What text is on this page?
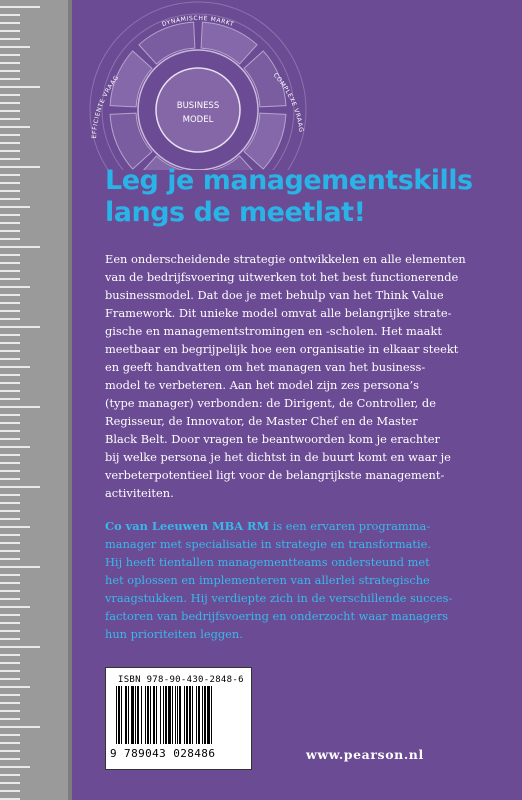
BUSINESS
MODEL
DYNAMISCHE MARKT
COMPLEXE VRAAG
EFFICIENTE VRAAG
Leg je managementskills
langs de meetlat!
Een onderscheidende strategie ontwikkelen en alle elementen
van de bedrijfsvoering uitwerken tot het best functionerende
businessmodel. Dat doe je met behulp van het Think Value
Framework. Dit unieke model omvat alle belangrijke strate-
gische en managementstromingen en -scholen. Het maakt
meetbaar en begrijpelijk hoe een organisatie in elkaar steekt
en geeft handvatten om het managen van het business-
model te verbeteren. Aan het model zijn zes persona’s
(type manager) verbonden: de Dirigent, de Controller, de
Regisseur, de Innovator, de Master Chef en de Master
Black Belt. Door vragen te beantwoorden kom je erachter
bij welke persona je het dichtst in de buurt komt en waar je
verbeterpotentieel ligt voor de belangrijkste management-
activiteiten.
Co van Leeuwen MBA RM is een ervaren programma-
manager met specialisatie in strategie en transformatie.
Hij heeft tientallen managementteams ondersteund met
het oplossen en implementeren van allerlei strategische
vraagstukken. Hij verdiepte zich in de verschillende succes-
factoren van bedrijfsvoering en onderzocht waar managers
hun prioriteiten leggen.
ISBN 978-90-430-2848-6
9 789043 028486	www.pearson.nl
